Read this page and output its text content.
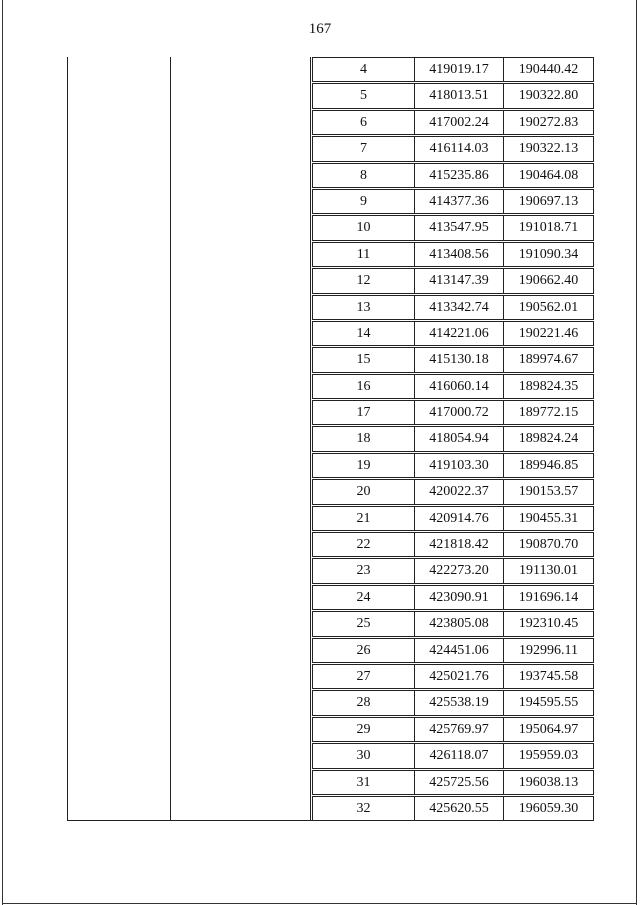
167
4	419019.17	190440.42
5	418013.51	190322.80
6	417002.24	190272.83
7	416114.03	190322.13
8	415235.86	190464.08
9	414377.36	190697.13
10	413547.95	191018.71
11	413408.56	191090.34
12	413147.39	190662.40
13	413342.74	190562.01
14	414221.06	190221.46
15	415130.18	189974.67
16	416060.14	189824.35
17	417000.72	189772.15
18	418054.94	189824.24
19	419103.30	189946.85
20	420022.37	190153.57
21	420914.76	190455.31
22	421818.42	190870.70
23	422273.20	191130.01
24	423090.91	191696.14
25	423805.08	192310.45
26	424451.06	192996.11
27	425021.76	193745.58
28	425538.19	194595.55
29	425769.97	195064.97
30	426118.07	195959.03
31	425725.56	196038.13
32	425620.55	196059.30
